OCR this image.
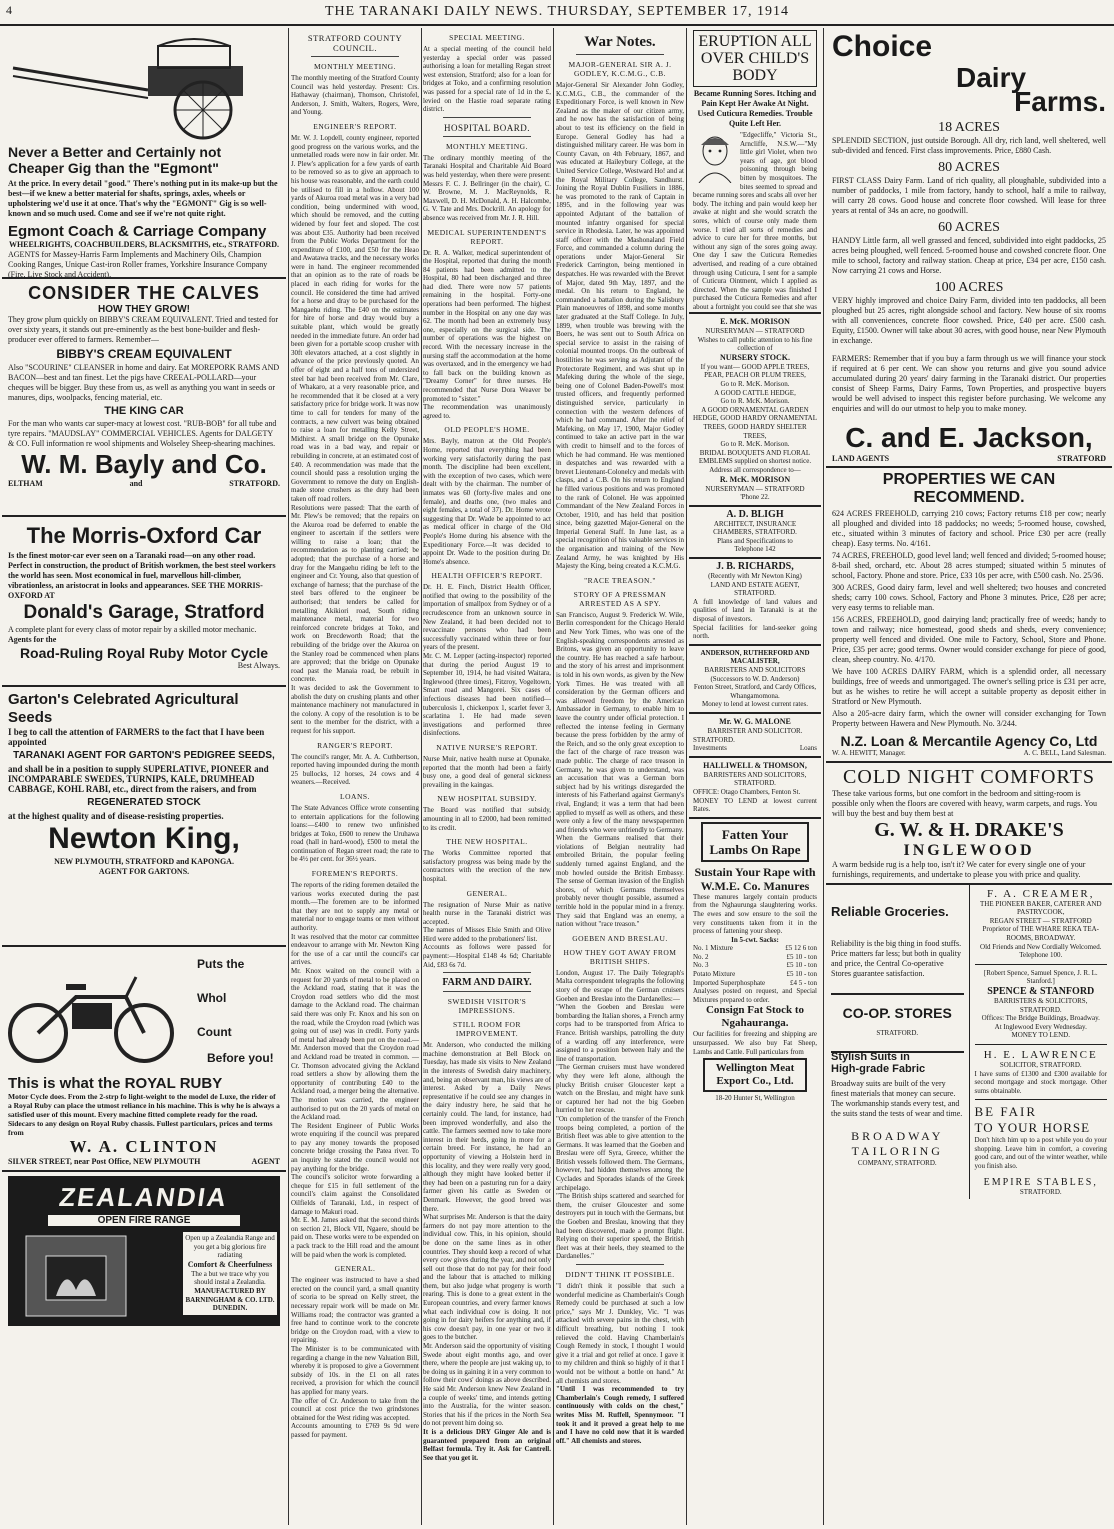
4	THE TARANAKI DAILY NEWS. THURSDAY, SEPTEMBER 17, 1914
Never a Better and Certainly not Cheaper Gig than the "Egmont"
At the price. In every detail "good." There's nothing put in its make-up but the best—if we knew a better material for shafts, springs, axles, wheels or upholstering we'd use it at once. That's why the "EGMONT" Gig is so well-known and so much used. Come and see if we're not quite right.
Egmont Coach & Carriage Company
WHEELRIGHTS, COACHBUILDERS, BLACKSMITHS, etc., STRATFORD.
AGENTS for Massey-Harris Farm Implements and Machinery Oils, Champion Cooking Ranges, Unique Cast-iron Roller frames, Yorkshire Insurance Company (Fire, Live Stock and Accident).
CONSIDER THE CALVES
HOW THEY GROW!
They grow plum quickly on BIBBY'S CREAM EQUIVALENT. Tried and tested for over sixty years, it stands out pre-eminently as the best bone-builder and flesh-producer ever offered to farmers. Remember—
BIBBY'S CREAM EQUIVALENT
Also "SCOURINE" CLEANSER in home and dairy. Eat MOREPORK RAMS AND BACON—best and tan finest. Let the pigs have CREEAL-POLLARD—your cheques will be bigger. Buy these from us, as well as anything you want in seeds or manures, dips, woolpacks, fencing material, etc.
THE KING CAR
For the man who wants car super-macy at lowest cost. "RUB-BOB" for all tube and tyre repairs. "MAUDSLAY" COMMERCIAL VEHICLES. Agents for DALGETY & CO. Full information re wool shipments and Wolseley Sheep-shearing machines.
W. M. Bayly and Co.
ELTHAM	and	STRATFORD.
The Morris-Oxford Car
Is the finest motor-car ever seen on a Taranaki road—on any other road. Perfect in construction, the product of British workmen, the best steel workers the world has seen. Most economical in fuel, marvellous hill-climber, vibrationless, an aristocrat in looks and appearances. SEE THE MORRIS-OXFORD AT
Donald's Garage, Stratford
A complete plant for every class of motor repair by a skilled motor mechanic.
Agents for the
Road-Ruling Royal Ruby Motor Cycle
Best Always.
Garton's Celebrated Agricultural Seeds
I beg to call the attention of FARMERS to the fact that I have been appointed
TARANAKI AGENT FOR GARTON'S PEDIGREE SEEDS,
and shall be in a position to supply SUPERLATIVE, PIONEER and INCOMPARABLE SWEDES, TURNIPS, KALE, DRUMHEAD CABBAGE, KOHL RABI, etc., direct from the raisers, and from
REGENERATED STOCK
at the highest quality and of disease-resisting properties.
Newton King,
NEW PLYMOUTH, STRATFORD and KAPONGA.
AGENT FOR GARTONS.
Puts the
Whol
Count
Before you!
This is what the ROYAL RUBY
Motor Cycle does. From the 2-strp fo light-weight to the model de Luxe, the rider of a Royal Ruby can place the utmost reliance in his machine. This is why he is always a satisfied user of this mount. Every machine fitted complete ready for the road. Sidecars to any design on Royal Ruby chassis. Fullest particulars, prices and terms from
W. A. CLINTON
SILVER STREET, near Post Office, NEW PLYMOUTH	AGENT
ZEALANDIA
OPEN FIRE RANGE
Open up a Zealandia Range and you get a big glorious fire radiating
Comfort & Cheerfulness
The a but we trace why you should instal a Zealandia.
MANUFACTURED BY BARNINGHAM & CO. LTD. DUNEDIN.
STRATFORD COUNTY COUNCIL.
MONTHLY MEETING.
The monthly meeting of the Stratford County Council was held yesterday. Present: Crs. Hathaway (chairman), Thomson, Christofel, Anderson, J. Smith, Walters, Rogers, Were, and Young.
ENGINEER'S REPORT.
Mr. W. J. Lopdell, county engineer, reported good progress on the various works, and the unmetalled roads were now in fair order. Mr. J. Plew's application for a few yards of earth to be removed so as to give an approach to his house was reasonable, and the earth could be utilised to fill in a hollow. About 100 yards of Akuroa road metal was in a very bad condition, being undermined with wood, which should be removed, and the cutting widened by four feet and sloped. The cost was about £35. Authority had been received from the Public Works Department for the expenditure of £100, and £50 for the Heao and Awatawa tracks, and the necessary works were in hand. The engineer recommended that an opinion as to the rate of roads be placed in each riding for works for the council. He considered the time had arrived for a horse and dray to be purchased for the Mangaehu riding. The £40 on the estimates for hire of horse and dray would buy a suitable plant, which would be greatly needed in the immediate future. An order had been given for a portable scoop crusher with 30ft elevators attached, at a cost slightly in advance of the price previously quoted. An offer of eight and a half tons of undersized steel bar had been received from Mr. Clare, of Whakaro, at a very reasonable price, and he recommended that it be closed at a very satisfactory price for bridge work. It was now time to call for tenders for many of the contracts, a new culvert was being obtained to raise a loan for metalling Kelly Street, Midhirst. A small bridge on the Opunake road was in a bad way, and repair or rebuilding in concrete, at an estimated cost of £40. A recommendation was made that the council should pass a resolution urging the Government to remove the duty on English-made stone crushers as the duty had been taken off road rollers.
Resolutions were passed: That the earth of Mr. Plew's be removed; that the repairs on the Akuroa road be deferred to enable the engineer to ascertain if the settlers were willing to raise a loan; that the recommendation as to planting carried; be adopted; that the purchase of a horse and dray for the Mangaehu riding be left to the engineer and Cr. Young, also that question of exchange of harness; that the purchase of the steel bars offered to the engineer be authorised; that tenders be called for metalling Akikiori road, South riding maintenance metal, material for two reinforced concrete bridges at Toko, and work on Brecdeworth Road; that the rebuilding of the bridge over the Akuroa on the Stanley road be commenced when plans are approved; that the bridge on Opunake road past the Manaia road, be rebuilt in concrete.
It was decided to ask the Government to abolish the duty on crushing plants and other maintenance machinery not manufactured in the colony. A copy of the resolution is to be sent to the member for the district, with a request for his support.
RANGER'S REPORT.
The council's ranger, Mr. A. A. Cuthbertson, reported having impounded during the month 25 bullocks, 12 horses, 24 cows and 4 weaners.—Received.
LOANS.
The State Advances Office wrote consenting to entertain applications for the following loans:—£400 to renew two unfinished bridges at Toko, £600 to renew the Uruhawa road (hall in hard-wood), £500 to metal the continuation of Regan street road; the rate to be 4½ per cent. for 36½ years.
FOREMEN'S REPORTS.
The reports of the riding foremen detailed the various works executed during the past month.—The foremen are to be informed that they are not to supply any metal or material nor to engage teams or men without authority.
It was resolved that the motor car committee endeavour to arrange with Mr. Newton King for the use of a car until the council's car arrives.
Mr. Knox waited on the council with a request for 20 yards of metal to be placed on the Ackland road, stating that it was the Croydon road settlers who did the most damage to the Ackland road. The chairman said there was only Fr. Knox and his son on the road, while the Croydon road (which was going out of use) was in credit. Forty yards of metal had already been put on the road.—Mr. Anderson moved that the Croydon road and Ackland road be treated in common. —Cr. Thomson advocated giving the Ackland road settlers a show by allowing them the opportunity of contributing £40 to the Ackland road, a merger being the alternative. The motion was carried, the engineer authorised to put on the 20 yards of metal on the Ackland road.
The Resident Engineer of Public Works wrote enquiring if the council was prepared to pay any money towards the proposed concrete bridge crossing the Patea river. To an inquiry he stated the council would not pay anything for the bridge.
The council's solicitor wrote forwarding a cheque for £15 in full settlement of the council's claim against the Consolidated Oilfields of Taranaki, Ltd., in respect of damage to Makuri road.
Mr. E. M. James asked that the second thirds on section 21, Block VII, Ngaere, should be paid on. These works were to be expended on a pack track to the Hill road and the amount will be paid when the work is completed.
GENERAL.
The engineer was instructed to have a shed erected on the council yard, a small quantity of scoria to be spread on Kelly street, the necessary repair work will be made on Mr. Williams road; the contractor was granted a free hand to continue work to the concrete bridge on the Croydon road, with a view to repairing.
The Minister is to be communicated with regarding a change in the new Valuation Bill, whereby it is proposed to give a Government subsidy of 10s. in the £1 on all rates received, a provision for which the council has applied for many years.
The offer of Cr. Anderson to take from the council at cost price the two grindstones obtained for the West riding was accepted.
Accounts amounting to £769 9s 9d were passed for payment.
SPECIAL MEETING.
At a special meeting of the council held yesterday a special order was passed authorising a loan for metalling Regan street west extension, Stratford; also for a loan for bridges at Toko, and a confirming resolution was passed for a special rate of 1d in the £, levied on the Hastie road separate rating district.
HOSPITAL BOARD.
MONTHLY MEETING.
The ordinary monthly meeting of the Taranaki Hospital and Charitable Aid Board was held yesterday, when there were present: Messrs F. C. J. Bellringer (in the chair), C. W. Browne, M. J. MacReynolds, R. Maxwell, D. H. McDonald, A. H. Halcombe, G. V. Tate and Mrs. Dockrill. An apology for absence was received from Mr. J. R. Hill.
MEDICAL SUPERINTENDENT'S REPORT.
Dr. R. A. Walker, medical superintendent of the Hospital, reported that during the month 84 patients had been admitted to the Hospital, 80 had been discharged and three had died. There were now 57 patients remaining in the hospital. Forty-one operations had been performed. The highest number in the Hospital on any one day was 62. The month had been an extremely busy one, especially on the surgical side. The number of operations was the highest on record. With the necessary increase in the nursing staff the accommodation at the home was overtaxed, and in the emergency we had to fall back on the building known as "Dreamy Corner" for three nurses. He recommended that Nurse Dora Weaver be promoted to "sister."
The recommendation was unanimously agreed to.
OLD PEOPLE'S HOME.
Mrs. Bayly, matron at the Old People's Home, reported that everything had been working very satisfactorily during the past month. The discipline had been excellent, with the exception of two cases, which were dealt with by the chairman. The number of inmates was 60 (forty-five males and one female), and deaths one, (two males and eight females, a total of 37). Dr. Home wrote suggesting that Dr. Wade be appointed to act as medical officer in charge of the Old People's Home during his absence with the Expeditionary Force.—It was decided to appoint Dr. Wade to the position during Dr. Home's absence.
HEALTH OFFICER'S REPORT.
Dr. H. E. Finch, District Health Officer, notified that owing to the possibility of the importation of smallpox from Sydney or of a recrudescence from an unknown source in New Zealand, it had been decided not to revaccinate persons who had been successfully vaccinated within three or four years of the present.
Mr. C. M. Lepper (acting-inspector) reported that during the period August 19 to September 10, 1914, he had visited Waitara, Inglewood (three times), Fitzroy, Vogeltown, Smart road and Mangorei. Six cases of infectious diseases had been notified—tuberculosis 1, chickenpox 1, scarlet fever 3, scarlatina 1. He had made seven investigations and performed three disinfections.
NATIVE NURSE'S REPORT.
Nurse Muir, native health nurse at Opunake, reported that the month had been a fairly busy one, a good deal of general sickness prevailing in the kaingas.
NEW HOSPITAL SUBSIDY.
The Board was notified that subsidy, amounting in all to £2000, had been remitted to its credit.
THE NEW HOSPITAL.
The Works Committee reported that satisfactory progress was being made by the contractors with the erection of the new hospital.
GENERAL.
The resignation of Nurse Muir as native health nurse in the Taranaki district was accepted.
The names of Misses Elsie Smith and Olive Hird were added to the probationers' list.
Accounts as follows were passed for payment:—Hospital £148 4s 6d; Charitable Aid, £83 6s 7d.
FARM AND DAIRY.
SWEDISH VISITOR'S IMPRESSIONS.
STILL ROOM FOR IMPROVEMENT.
Mr. Anderson, who conducted the milking machine demonstration at Bell Block on Tuesday, has made six visits to New Zealand in the interests of Swedish dairy machinery, and, being an observant man, his views are of interest. Asked by a Daily News representative if he could see any changes in the dairy industry here, he said that he certainly could. The land, for instance, had been improved wonderfully, and also the cattle. The farmers seemed now to take more interest in their herds, going in more for a certain breed. For instance, he had an opportunity of viewing a Holstein herd in this locality, and they were really very good, although they might have looked better if they had been on a pasturing run for a dairy farmer given his cattle as Sweden or Denmark. However, the good breed was there.
What surprises Mr. Anderson is that the dairy farmers do not pay more attention to the individual cow. This, in his opinion, should be done on the same lines as in other countries. They should keep a record of what every cow gives during the year, and not only sell out those that do not pay for their food and the labour that is attached to milking them, but also judge what progeny is worth rearing. This is done to a great extent in the European countries, and every farmer knows what each individual cow is doing. It not going in for dairy heifers for anything and, if his cow doesn't pay, in one year or two it goes to the butcher.
Mr. Anderson said the opportunity of visiting Swede about eight months ago, and over there, where the people are just waking up, to be doing us in gaining it in a very common to follow their cows' doings as above described. He said Mr. Anderson knew New Zealand in a couple of weeks' time, and intends getting into the Australia, for the winter season. Stories that his if the prices in the North Sea do not prevent him doing so.
It is a delicious DRY Ginger Ale and is guaranteed prepared from an original Belfast formula. Try it. Ask for Cantrell. See that you get it.
War Notes.
MAJOR-GENERAL SIR A. J. GODLEY, K.C.M.G., C.B.
Major-General Sir Alexander John Godley, K.C.M.G., C.B., the commander of the Expeditionary Force, is well known in New Zealand as the maker of our citizen army, and he now has the satisfaction of being about to test its efficiency on the field in Europe. General Godley has had a distinguished military career. He was born in County Cavan, on 4th February, 1867, and was educated at Haileybury College, at the United Service College, Westward Ho! and at the Royal Military College, Sandhurst. Joining the Royal Dublin Fusiliers in 1886, he was promoted to the rank of Captain in 1895, and in the following year was appointed Adjutant of the battalion of mounted infantry organised for special service in Rhodesia. Later, he was appointed staff officer with the Mashonaland Field Force, and commanded a column during the operations under Major-General Sir Frederick Carrington, being mentioned in despatches. He was rewarded with the Brevet of Major, dated 9th May, 1897, and the medal. On his return to England, he commanded a battalion during the Salisbury Plain manoeuvres of 1898, and some months later graduated at the Staff College. In July, 1899, when trouble was brewing with the Boers, he was sent out to South Africa on special service to assist in the raising of colonial mounted troops. On the outbreak of hostilities he was serving as Adjutant of the Protectorate Regiment, and was shut up in Mafeking during the whole of the siege, being one of Colonel Baden-Powell's most trusted officers, and frequently performed distinguished service, particularly in connection with the western defences of which he had command. After the relief of Mafeking, on May 17, 1900, Major Godley continued to take an active part in the war with credit to himself and to the forces of which he had command. He was mentioned in despatches and was rewarded with a brevet Lieutenant-Colonelcy and medals with clasps, and a C.B. On his return to England he filled various positions and was promoted to the rank of Colonel. He was appointed Commandant of the New Zealand Forces in October, 1910, and has held that position since, being gazetted Major-General on the Imperial General Staff. In June last, as a special recognition of his valuable services in the organisation and training of the New Zealand Army, he was knighted by His Majesty the King, being created a K.C.M.G.
"RACE TREASON."
STORY OF A PRESSMAN ARRESTED AS A SPY.
San Francisco, August 9. Frederick W. Wile, Berlin correspondent for the Chicago Herald and New York Times, who was one of the English-speaking correspondents arrested as Britons, was given an opportunity to leave the country. He has reached a safe harbour, and the story of his arrest and imprisonment is told in his own words, as given by the New York Times. He was treated with all consideration by the German officers and was allowed freedom by the American Ambassador in Germany, to enable him to leave the country under official protection. I reflected the intense feeling in Germany because the press forbidden by the army of the Reich, and so the only great exception to the fact of the charge of race treason was made public. The charge of race treason in Germany, he was given to understand, was an accusation that was a German born subject had by his writings disregarded the interests of his Fatherland against Germany's rival, England; it was a term that had been applied to myself as well as others, and these were only a few of the many newspapermen and friends who were unfriendly to Germany.
When the Germans realised that their violations of Belgian neutrality had embroiled Britain, the popular feeling suddenly turned against England, and the mob howled outside the British Embassy. The sense of German invasion of the English shores, of which Germans themselves probably never thought possible, assumed a terrible hold in the popular mind in a frenzy. They said that England was an enemy, a nation without "race treason."
GOEBEN AND BRESLAU.
HOW THEY GOT AWAY FROM BRITISH SHIPS.
London, August 17. The Daily Telegraph's Malta correspondent telegraphs the following story of the escape of the German cruisers Goeben and Breslau into the Dardanelles:—
"When the Goeben and Breslau were bombarding the Italian shores, a French army corps had to be transported from Africa to France. British warships, patrolling the duty of a warding off any interference, were assigned to a position between Italy and the line of transportation.
"The German cruisers must have wondered why they were left alone, although the plucky British cruiser Gloucester kept a watch on the Breslau, and might have sunk or captured her had not the big Goeben hurried to her rescue.
"On completion of the transfer of the French troops being completed, a portion of the British fleet was able to give attention to the Germans. It was learned that the Goeben and Breslau were off Syra, Greece, whither the British vessels followed them. The Germans, however, had hidden themselves among the Cyclades and Sporades islands of the Greek archipelago.
"The British ships scattered and searched for them, the cruiser Gloucester and some destroyers put in touch with the Germans, but the Goeben and Breslau, knowing that they had been discovered, made a prompt flight. Relying on their superior speed, the British fleet was at their heels, they steamed to the Dardanelles."
DIDN'T THINK IT POSSIBLE.
"I didn't think it possible that such a wonderful medicine as Chamberlain's Cough Remedy could be purchased at such a low price," says Mr J. Dunkley, Vic. "I was attacked with severe pains in the chest, with difficult breathing, but nothing I took relieved the cold. Having Chamberlain's Cough Remedy in stock, I thought I would give it a trial and got relief at once. I gave it to my children and think so highly of it that I would not be without a bottle on hand." At all chemists and stores.
"Until I was recommended to try Chamberlain's Cough remedy, I suffered continuously with colds on the chest," writes Miss M. Ruffell, Spennymoor. "I took it and it proved a great help to me and I have no cold now that it is warded off." All chemists and stores.
ERUPTION ALL OVER CHILD'S BODY
Became Running Sores. Itching and Pain Kept Her Awake At Night. Used Cuticura Remedies. Trouble Quite Left Her.
"Edgecliffe," Victoria St., Arncliffe, N.S.W.—"My little girl Violet, when two years of age, got blood poisoning through being bitten by mosquitoes. The bites seemed to spread and became running sores and scabs all over her body. The itching and pain would keep her awake at night and she would scratch the sores, which of course only made them worse. I tried all sorts of remedies and advice to cure her for three months, but without any sign of the sores going away. One day I saw the Cuticura Remedies advertised, and reading of a cure obtained through using Cuticura, I sent for a sample of Cuticura Ointment, which I applied as directed. When the sample was finished I purchased the Cuticura Remedies and after about a fortnight you could see that she was
E. McK. MORISON
NURSERYMAN — STRATFORD
Wishes to call public attention to his fine collection of
NURSERY STOCK.
If you want— GOOD APPLE TREES, PEAR, PEACH OR PLUM TREES,
Go to R. McK. Morison.
A GOOD CATTLE HEDGE,
Go to R. McK. Morison.
A GOOD ORNAMENTAL GARDEN HEDGE, GOOD HARDY ORNAMENTAL TREES, GOOD HARDY SHELTER TREES,
Go to R. McK. Morison.
BRIDAL BOUQUETS AND FLORAL EMBLEMS supplied on shortest notice. Address all correspondence to—
R. McK. MORISON
NURSERYMAN — STRATFORD
'Phone 22.
A. D. BLIGH
ARCHITECT, INSURANCE CHAMBERS, STRATFORD.
Plans and Specifications to
Telephone 142
J. B. RICHARDS,
(Recently with Mr Newton King)
LAND AND ESTATE AGENT, STRATFORD.
A full knowledge of land values and qualities of land in Taranaki is at the disposal of investors.
Special facilities for land-seeker going north.
ANDERSON, RUTHERFORD AND MACALISTER,
BARRISTERS AND SOLICITORS
(Successors to W. D. Anderson)
Fenton Street, Stratford, and Cardy Offices, Whangamomona.
Money to lend at lowest current rates.
Mr. W. G. MALONE
BARRISTER AND SOLICITOR.
STRATFORD.
Investments	Loans
HALLIWELL & THOMSON,
BARRISTERS AND SOLICITORS, STRATFORD.
OFFICE: Otago Chambers, Fenton St.
MONEY TO LEND at lowest current Rates.
Fatten Your Lambs On Rape
Sustain Your Rape with W.M.E. Co. Manures
These manures largely contain products from the Nghaurunga slaughtering works. The ewes and sow ensure to the soil the very constituents taken from it in the process of fattening your sheep.
In 5-cwt. Sacks:
No. 1 Mixture	£5 12 6 ton
No. 2	£5 10 - ton
No. 3	£5 10 - ton
Potato Mixture	£5 10 - ton
Imported Superphosphate	£4 5 - ton
Analyses posted on request, and Special Mixtures prepared to order.
Consign Fat Stock to Ngahauranga.
Our facilities for freezing and shipping are unsurpassed. We also buy Fat Sheep, Lambs and Cattle. Full particulars from
Wellington Meat Export Co., Ltd.
18-20 Hunter St, Wellington
Choice
Dairy
Farms.
18 ACRES
SPLENDID SECTION, just outside Borough. All dry, rich land, well sheltered, well sub-divided and fenced. First class improvements. Price, £880 Cash.
80 ACRES
FIRST CLASS Dairy Farm. Land of rich quality, all ploughable, subdivided into a number of paddocks, 1 mile from factory, handy to school, half a mile to railway, will carry 28 cows. Good house and concrete floor cowshed. Will lease for three years at rental of 34s an acre, no goodwill.
60 ACRES
HANDY Little farm, all well grassed and fenced, subdivided into eight paddocks, 25 acres being ploughed, well fenced. 5-roomed house and cowshed concrete floor. One mile to school, factory and railway station. Cheap at price, £34 per acre, £150 cash. Now carrying 21 cows and Horse.
100 ACRES
VERY highly improved and choice Dairy Farm, divided into ten paddocks, all been ploughed but 25 acres, right alongside school and factory. New house of six rooms with all conveniences, concrete floor cowshed. Price, £40 per acre. £500 cash. Equity, £1500. Owner will take about 30 acres, with good house, near New Plymouth in exchange.
FARMERS: Remember that if you buy a farm through us we will finance your stock if required at 6 per cent. We can show you returns and give you sound advice accumulated during 20 years' dairy farming in the Taranaki district. Our properties consist of Sheep Farms, Dairy Farms, Town Properties, and prospective buyers would be well advised to inspect this register before purchasing. We welcome any enquiries and will do our utmost to help you to make money.
C. and E. Jackson,
LAND AGENTS	STRATFORD
PROPERTIES WE CAN RECOMMEND.
624 ACRES FREEHOLD, carrying 210 cows; Factory returns £18 per cow; nearly all ploughed and divided into 18 paddocks; no weeds; 5-roomed house, cowshed, etc., situated within 3 minutes of factory and school. Price £30 per acre (really cheap). Easy terms. No. 4/161.
74 ACRES, FREEHOLD, good level land; well fenced and divided; 5-roomed house; 8-bail shed, orchard, etc. About 28 acres stumped; situated within 5 minutes of school, Factory. Phone and store. Price, £33 10s per acre, with £500 cash. No. 25/36.
300 ACRES, Good dairy farm, level and well sheltered; two houses and concreted sheds; carry 100 cows. School, Factory and Phone 3 minutes. Price, £28 per acre; very easy terms to reliable man.
156 ACRES, FREEHOLD, good dairying land; practically free of weeds; handy to town and railway; nice homestead, good sheds and sheds, every convenience; property well fenced and divided. One mile to Factory, School, Store and Phone. Price, £35 per acre; good terms. Owner would consider exchange for piece of good, clean, sheep country. No. 4/170.
We have 100 ACRES DAIRY FARM, which is a splendid order, all necessary buildings, free of weeds and unmortgaged. The owner's selling price is £31 per acre, but as he wishes to retire he will accept a suitable property as deposit either in Stratford or New Plymouth.
Also a 205-acre dairy farm, which the owner will consider exchanging for Town Property between Hawera and New Plymouth. No. 3/244.
N.Z. Loan & Mercantile Agency Co, Ltd
W. A. HEWITT, Manager.	A. C. BELL, Land Salesman.
COLD NIGHT COMFORTS
These take various forms, but one comfort in the bedroom and sitting-room is possible only when the floors are covered with heavy, warm carpets, and rugs. You will buy the best and buy them best at
G. W. & H. DRAKE'S
INGLEWOOD
A warm bedside rug is a help too, isn't it? We cater for every single one of your furnishings, requirements, and undertake to please you with price and quality.
Reliable Groceries.
Reliability is the big thing in food stuffs. Price matters far less; but both in quality and price, the Central Co-operative Stores guarantee satisfaction.
CO-OP. STORES
STRATFORD.
Stylish Suits in
High-grade Fabric
Broadway suits are built of the very finest materials that money can secure. The workmanship stands every test, and the suits stand the tests of wear and time.
BROADWAY
TAILORING
COMPANY, STRATFORD.
F. A. CREAMER,
THE PIONEER BAKER, CATERER AND PASTRYCOOK,
REGAN STREET — STRATFORD
Proprietor of THE WHARE REKA TEA-ROOMS, BROADWAY.
Old Friends and New Cordially Welcomed.
Telephone 100.
[Robert Spence, Samuel Spence, J. R. L. Stanford.]
SPENCE & STANFORD
BARRISTERS & SOLICITORS, STRATFORD.
Offices: The Bridge Buildings, Broadway.
At Inglewood Every Wednesday.
MONEY TO LEND.
H. E. LAWRENCE
SOLICITOR, STRATFORD.
I have sums of £1300 and £300 available for second mortgage and stock mortgage. Other sums obtainable.
BE FAIR
TO YOUR HORSE
Don't hitch him up to a post while you do your shopping. Leave him in comfort, a covering good care, and out of the winter weather, while you finish also.
EMPIRE STABLES,
STRATFORD.
